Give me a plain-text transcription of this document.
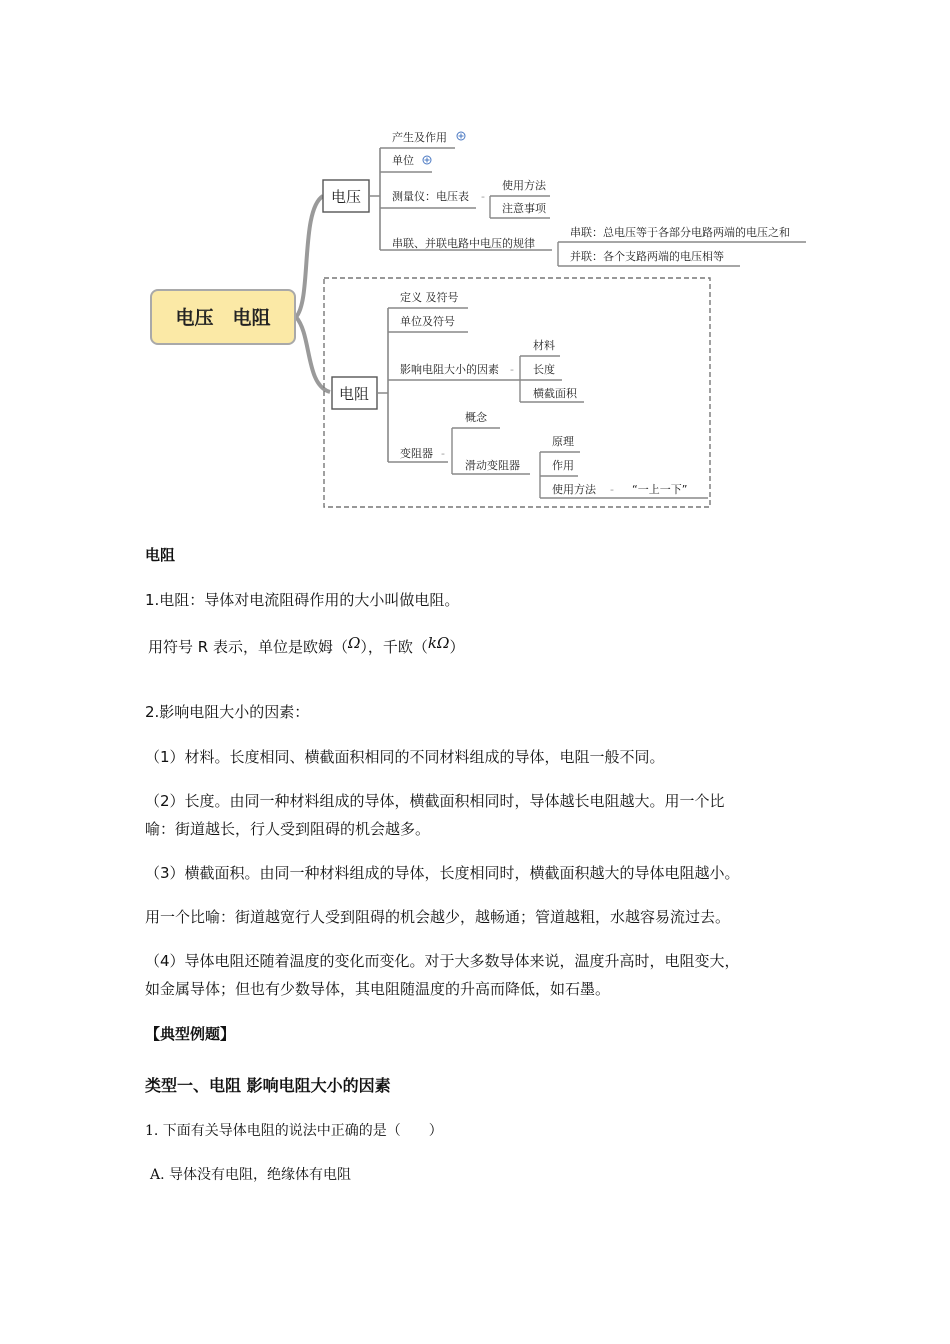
电压　电阻
电压
产生及作用
单位
测量仪：电压表 -
使用方法
注意事项
串联、并联电路中电压的规律
串联：总电压等于各部分电路两端的电压之和
并联：各个支路两端的电压相等
电阻
定义 及符号
单位及符号
影响电阻大小的因素 -
材料
长度
横截面积
变阻器 -
概念
滑动变阻器
原理
作用
使用方法 - “一上一下”

电阻

1.电阻：导体对电流阻碍作用的大小叫做电阻。

用符号 R 表示，单位是欧姆（Ω），千欧（kΩ）

2.影响电阻大小的因素：

（1）材料。长度相同、横截面积相同的不同材料组成的导体，电阻一般不同。

（2）长度。由同一种材料组成的导体，横截面积相同时，导体越长电阻越大。用一个比
喻：街道越长，行人受到阻碍的机会越多。

（3）横截面积。由同一种材料组成的导体，长度相同时，横截面积越大的导体电阻越小。

用一个比喻：街道越宽行人受到阻碍的机会越少，越畅通；管道越粗，水越容易流过去。

（4）导体电阻还随着温度的变化而变化。对于大多数导体来说，温度升高时，电阻变大，
如金属导体；但也有少数导体，其电阻随温度的升高而降低，如石墨。

【典型例题】

类型一、电阻 影响电阻大小的因素

1. 下面有关导体电阻的说法中正确的是（　　）

A. 导体没有电阻，绝缘体有电阻
